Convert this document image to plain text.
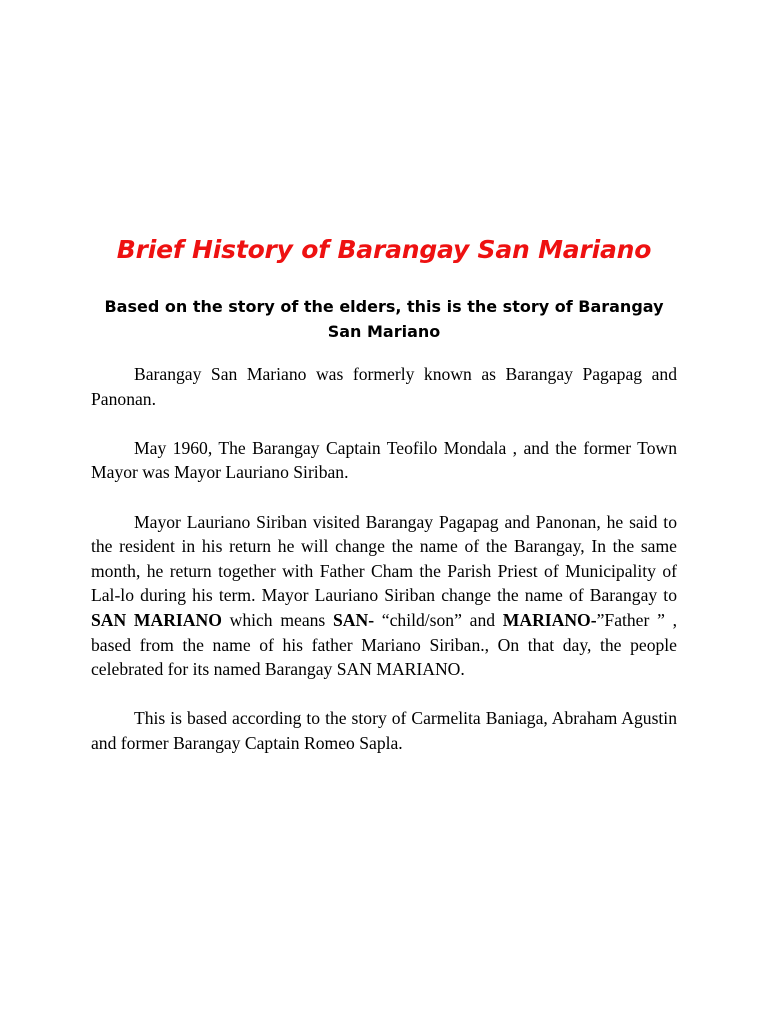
Brief History of Barangay San Mariano
Based on the story of the elders, this is the story of Barangay San Mariano

Barangay San Mariano was formerly known as Barangay Pagapag and Panonan.

May 1960, The Barangay Captain Teofilo Mondala , and the former Town Mayor was Mayor Lauriano Siriban.

Mayor Lauriano Siriban visited Barangay Pagapag and Panonan, he said to the resident in his return he will change the name of the Barangay, In the same month, he return together with Father Cham the Parish Priest of Municipality of Lal-lo during his term. Mayor Lauriano Siriban change the name of Barangay to SAN MARIANO which means SAN- “child/son” and MARIANO-”Father ” , based from the name of his father Mariano Siriban., On that day, the people celebrated for its named Barangay SAN MARIANO.

This is based according to the story of Carmelita Baniaga, Abraham Agustin and former Barangay Captain Romeo Sapla.
